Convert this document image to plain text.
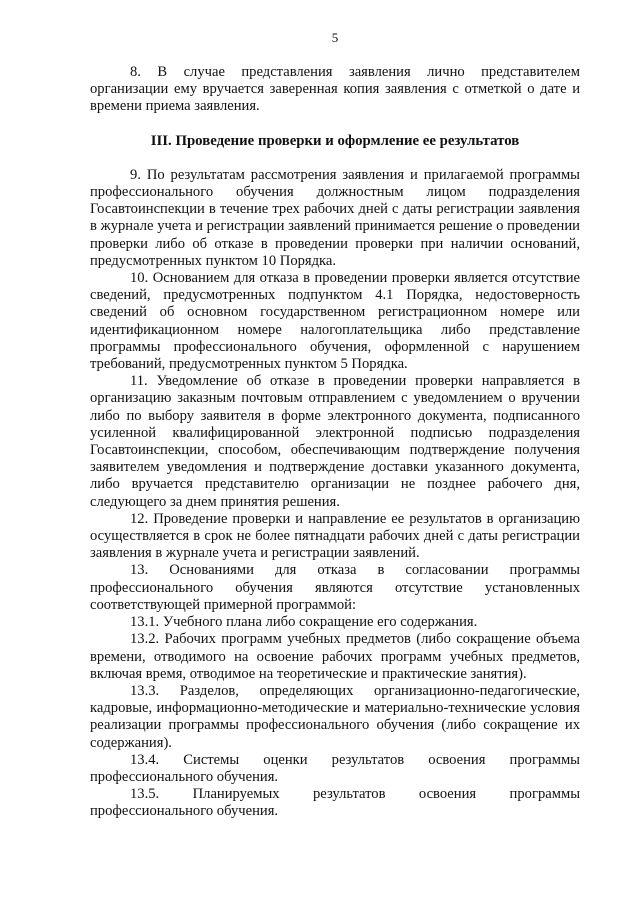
5

8. В случае представления заявления лично представителем организации ему вручается заверенная копия заявления с отметкой о дате и времени приема заявления.

III. Проведение проверки и оформление ее результатов

9. По результатам рассмотрения заявления и прилагаемой программы профессионального обучения должностным лицом подразделения Госавтоинспекции в течение трех рабочих дней с даты регистрации заявления в журнале учета и регистрации заявлений принимается решение о проведении проверки либо об отказе в проведении проверки при наличии оснований, предусмотренных пунктом 10 Порядка.

10. Основанием для отказа в проведении проверки является отсутствие сведений, предусмотренных подпунктом 4.1 Порядка, недостоверность сведений об основном государственном регистрационном номере или идентификационном номере налогоплательщика либо представление программы профессионального обучения, оформленной с нарушением требований, предусмотренных пунктом 5 Порядка.

11. Уведомление об отказе в проведении проверки направляется в организацию заказным почтовым отправлением с уведомлением о вручении либо по выбору заявителя в форме электронного документа, подписанного усиленной квалифицированной электронной подписью подразделения Госавтоинспекции, способом, обеспечивающим подтверждение получения заявителем уведомления и подтверждение доставки указанного документа, либо вручается представителю организации не позднее рабочего дня, следующего за днем принятия решения.

12. Проведение проверки и направление ее результатов в организацию осуществляется в срок не более пятнадцати рабочих дней с даты регистрации заявления в журнале учета и регистрации заявлений.

13. Основаниями для отказа в согласовании программы профессионального обучения являются отсутствие установленных соответствующей примерной программой:

13.1. Учебного плана либо сокращение его содержания.

13.2. Рабочих программ учебных предметов (либо сокращение объема времени, отводимого на освоение рабочих программ учебных предметов, включая время, отводимое на теоретические и практические занятия).

13.3. Разделов, определяющих организационно-педагогические, кадровые, информационно-методические и материально-технические условия реализации программы профессионального обучения (либо сокращение их содержания).

13.4. Системы оценки результатов освоения программы профессионального обучения.

13.5. Планируемых результатов освоения программы профессионального обучения.
